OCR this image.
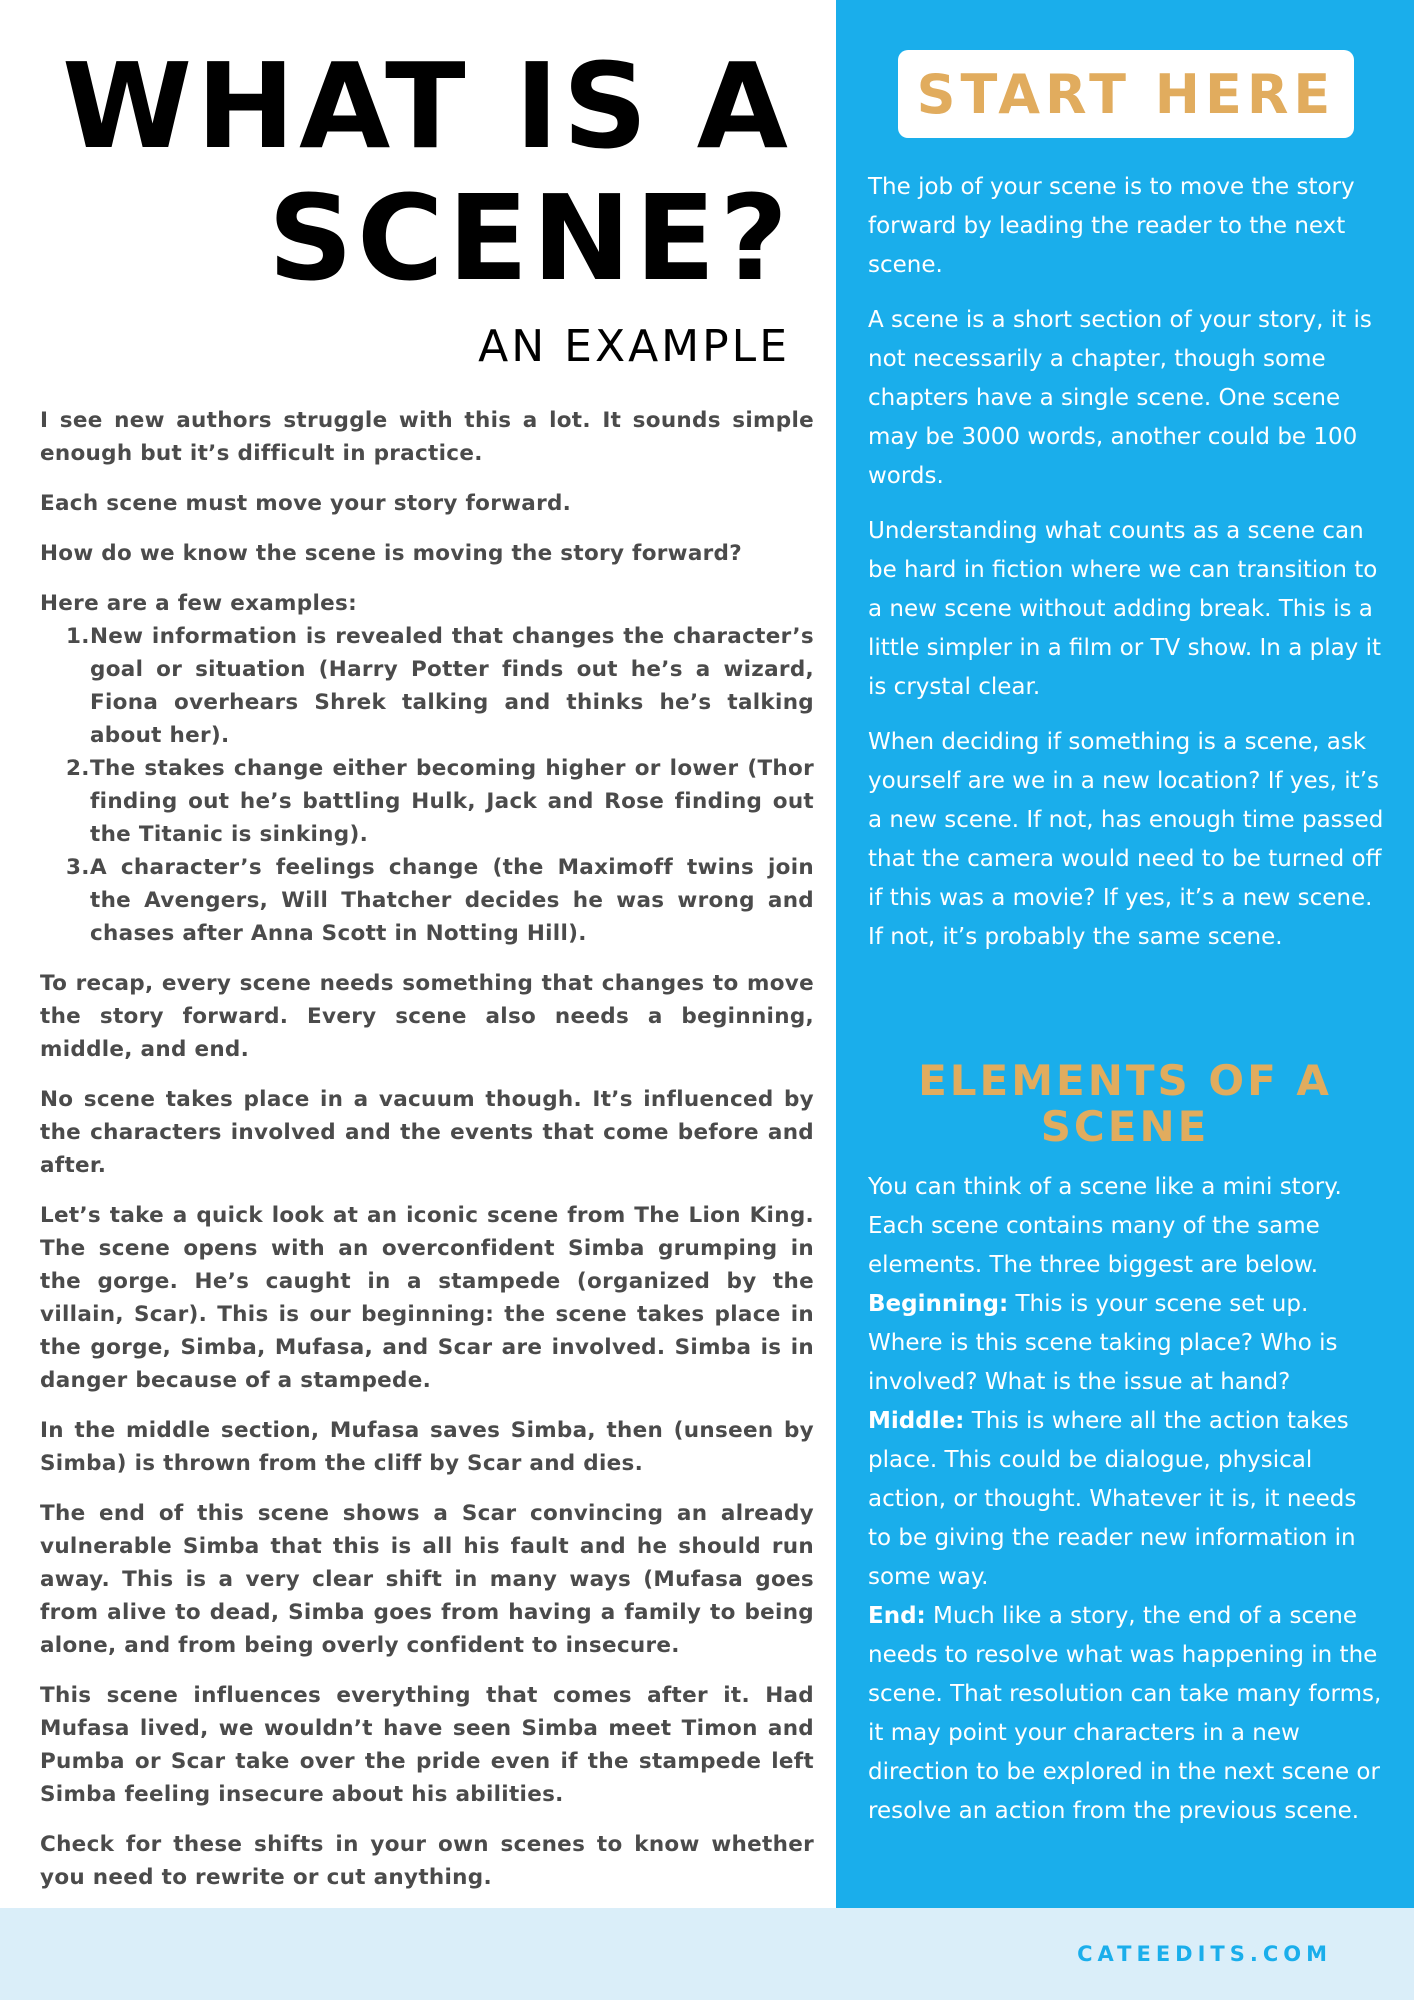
WHAT IS A
SCENE?
AN EXAMPLE

I see new authors struggle with this a lot. It sounds simple enough but it’s difficult in practice.

Each scene must move your story forward.

How do we know the scene is moving the story forward?

Here are a few examples:

1. New information is revealed that changes the character’s goal or situation (Harry Potter finds out he’s a wizard, Fiona overhears Shrek talking and thinks he’s talking about her).
2. The stakes change either becoming higher or lower (Thor finding out he’s battling Hulk, Jack and Rose finding out the Titanic is sinking).
3. A character’s feelings change (the Maximoff twins join the Avengers, Will Thatcher decides he was wrong and chases after Anna Scott in Notting Hill).

To recap, every scene needs something that changes to move the story forward. Every scene also needs a beginning, middle, and end.

No scene takes place in a vacuum though. It’s influenced by the characters involved and the events that come before and after.

Let’s take a quick look at an iconic scene from The Lion King. The scene opens with an overconfident Simba grumping in the gorge. He’s caught in a stampede (organized by the villain, Scar). This is our beginning: the scene takes place in the gorge, Simba, Mufasa, and Scar are involved. Simba is in danger because of a stampede.

In the middle section, Mufasa saves Simba, then (unseen by Simba) is thrown from the cliff by Scar and dies.

The end of this scene shows a Scar convincing an already vulnerable Simba that this is all his fault and he should run away. This is a very clear shift in many ways (Mufasa goes from alive to dead, Simba goes from having a family to being alone, and from being overly confident to insecure.

This scene influences everything that comes after it. Had Mufasa lived, we wouldn’t have seen Simba meet Timon and Pumba or Scar take over the pride even if the stampede left Simba feeling insecure about his abilities.

Check for these shifts in your own scenes to know whether you need to rewrite or cut anything.

START HERE

The job of your scene is to move the story forward by leading the reader to the next scene.

A scene is a short section of your story, it is not necessarily a chapter, though some chapters have a single scene. One scene may be 3000 words, another could be 100 words.

Understanding what counts as a scene can be hard in fiction where we can transition to a new scene without adding break. This is a little simpler in a film or TV show. In a play it is crystal clear.

When deciding if something is a scene, ask yourself are we in a new location? If yes, it’s a new scene. If not, has enough time passed that the camera would need to be turned off if this was a movie? If yes, it’s a new scene. If not, it’s probably the same scene.

ELEMENTS OF A SCENE
You can think of a scene like a mini story. Each scene contains many of the same elements. The three biggest are below.
Beginning: This is your scene set up. Where is this scene taking place? Who is involved? What is the issue at hand?
Middle: This is where all the action takes place. This could be dialogue, physical action, or thought. Whatever it is, it needs to be giving the reader new information in some way.
End: Much like a story, the end of a scene needs to resolve what was happening in the scene. That resolution can take many forms, it may point your characters in a new direction to be explored in the next scene or resolve an action from the previous scene.
CATEEDITS.COM
